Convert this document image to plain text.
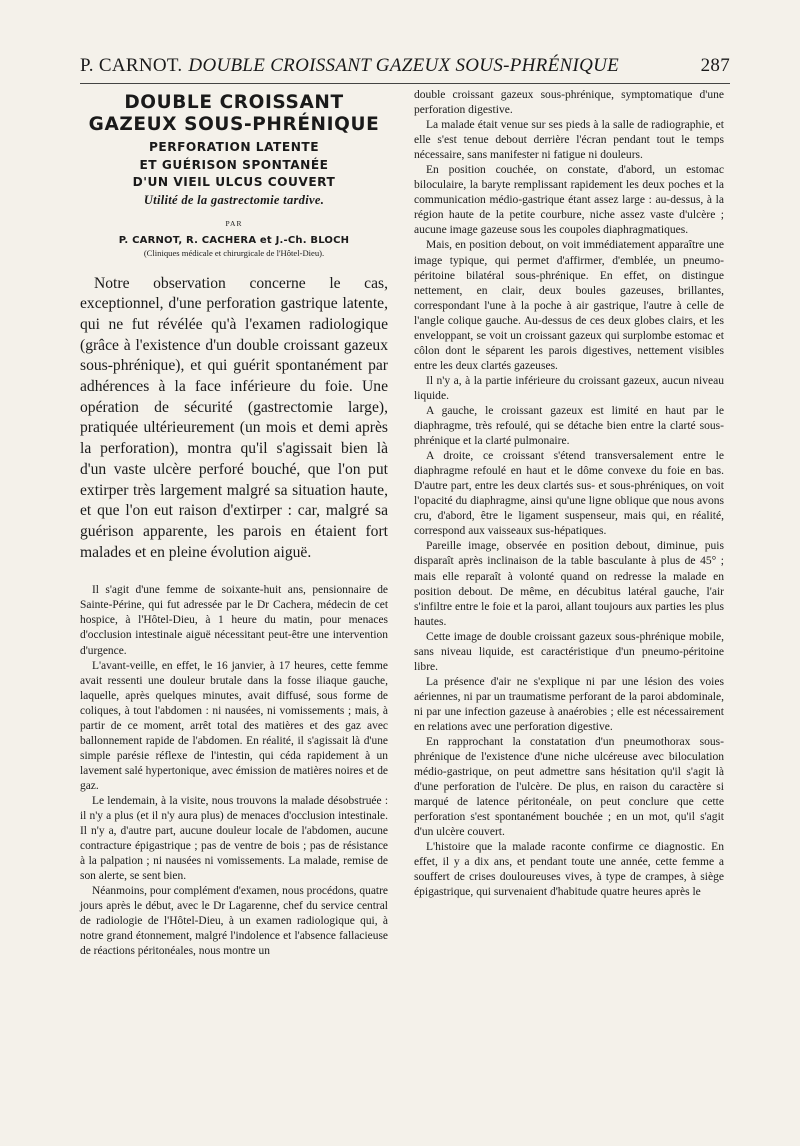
P. CARNOT. DOUBLE CROISSANT GAZEUX SOUS-PHRÉNIQUE	287
DOUBLE CROISSANT
GAZEUX SOUS-PHRÉNIQUE
PERFORATION LATENTE
ET GUÉRISON SPONTANÉE
D'UN VIEIL ULCUS COUVERT
Utilité de la gastrectomie tardive.
PAR
P. CARNOT, R. CACHERA et J.-Ch. BLOCH
(Cliniques médicale et chirurgicale de l'Hôtel-Dieu).

Notre observation concerne le cas, exceptionnel, d'une perforation gastrique latente, qui ne fut révélée qu'à l'examen radiologique (grâce à l'existence d'un double croissant gazeux sous-phrénique), et qui guérit spontanément par adhérences à la face inférieure du foie. Une opération de sécurité (gastrectomie large), pratiquée ultérieurement (un mois et demi après la perforation), montra qu'il s'agissait bien là d'un vaste ulcère perforé bouché, que l'on put extirper très largement malgré sa situation haute, et que l'on eut raison d'extirper : car, malgré sa guérison apparente, les parois en étaient fort malades et en pleine évolution aiguë.

Il s'agit d'une femme de soixante-huit ans, pensionnaire de Sainte-Périne, qui fut adressée par le Dr Cachera, médecin de cet hospice, à l'Hôtel-Dieu, à 1 heure du matin, pour menaces d'occlusion intestinale aiguë nécessitant peut-être une intervention d'urgence.

L'avant-veille, en effet, le 16 janvier, à 17 heures, cette femme avait ressenti une douleur brutale dans la fosse iliaque gauche, laquelle, après quelques minutes, avait diffusé, sous forme de coliques, à tout l'abdomen : ni nausées, ni vomissements ; mais, à partir de ce moment, arrêt total des matières et des gaz avec ballonnement rapide de l'abdomen. En réalité, il s'agissait là d'une simple parésie réflexe de l'intestin, qui céda rapidement à un lavement salé hypertonique, avec émission de matières noires et de gaz.

Le lendemain, à la visite, nous trouvons la malade désobstruée : il n'y a plus (et il n'y aura plus) de menaces d'occlusion intestinale. Il n'y a, d'autre part, aucune douleur locale de l'abdomen, aucune contracture épigastrique ; pas de ventre de bois ; pas de résistance à la palpation ; ni nausées ni vomissements. La malade, remise de son alerte, se sent bien.

Néanmoins, pour complément d'examen, nous procédons, quatre jours après le début, avec le Dr Lagarenne, chef du service central de radiologie de l'Hôtel-Dieu, à un examen radiologique qui, à notre grand étonnement, malgré l'indolence et l'absence fallacieuse de réactions péritonéales, nous montre un

double croissant gazeux sous-phrénique, symptomatique d'une perforation digestive.

La malade était venue sur ses pieds à la salle de radiographie, et elle s'est tenue debout derrière l'écran pendant tout le temps nécessaire, sans manifester ni fatigue ni douleurs.

En position couchée, on constate, d'abord, un estomac biloculaire, la baryte remplissant rapidement les deux poches et la communication médio-gastrique étant assez large : au-dessus, à la région haute de la petite courbure, niche assez vaste d'ulcère ; aucune image gazeuse sous les coupoles diaphragmatiques.

Mais, en position debout, on voit immédiatement apparaître une image typique, qui permet d'affirmer, d'emblée, un pneumo-péritoine bilatéral sous-phrénique. En effet, on distingue nettement, en clair, deux boules gazeuses, brillantes, correspondant l'une à la poche à air gastrique, l'autre à celle de l'angle colique gauche. Au-dessus de ces deux globes clairs, et les enveloppant, se voit un croissant gazeux qui surplombe estomac et côlon dont le séparent les parois digestives, nettement visibles entre les deux clartés gazeuses.

Il n'y a, à la partie inférieure du croissant gazeux, aucun niveau liquide.

A gauche, le croissant gazeux est limité en haut par le diaphragme, très refoulé, qui se détache bien entre la clarté sous-phrénique et la clarté pulmonaire.

A droite, ce croissant s'étend transversalement entre le diaphragme refoulé en haut et le dôme convexe du foie en bas. D'autre part, entre les deux clartés sus- et sous-phréniques, on voit l'opacité du diaphragme, ainsi qu'une ligne oblique que nous avons cru, d'abord, être le ligament suspenseur, mais qui, en réalité, correspond aux vaisseaux sus-hépatiques.

Pareille image, observée en position debout, diminue, puis disparaît après inclinaison de la table basculante à plus de 45° ; mais elle reparaît à volonté quand on redresse la malade en position debout. De même, en décubitus latéral gauche, l'air s'infiltre entre le foie et la paroi, allant toujours aux parties les plus hautes.

Cette image de double croissant gazeux sous-phrénique mobile, sans niveau liquide, est caractéristique d'un pneumo-péritoine libre.

La présence d'air ne s'explique ni par une lésion des voies aériennes, ni par un traumatisme perforant de la paroi abdominale, ni par une infection gazeuse à anaérobies ; elle est nécessairement en relations avec une perforation digestive.

En rapprochant la constatation d'un pneumothorax sous-phrénique de l'existence d'une niche ulcéreuse avec biloculation médio-gastrique, on peut admettre sans hésitation qu'il s'agit là d'une perforation de l'ulcère. De plus, en raison du caractère si marqué de latence péritonéale, on peut conclure que cette perforation s'est spontanément bouchée ; en un mot, qu'il s'agit d'un ulcère couvert.

L'histoire que la malade raconte confirme ce diagnostic. En effet, il y a dix ans, et pendant toute une année, cette femme a souffert de crises douloureuses vives, à type de crampes, à siège épigastrique, qui survenaient d'habitude quatre heures après le
